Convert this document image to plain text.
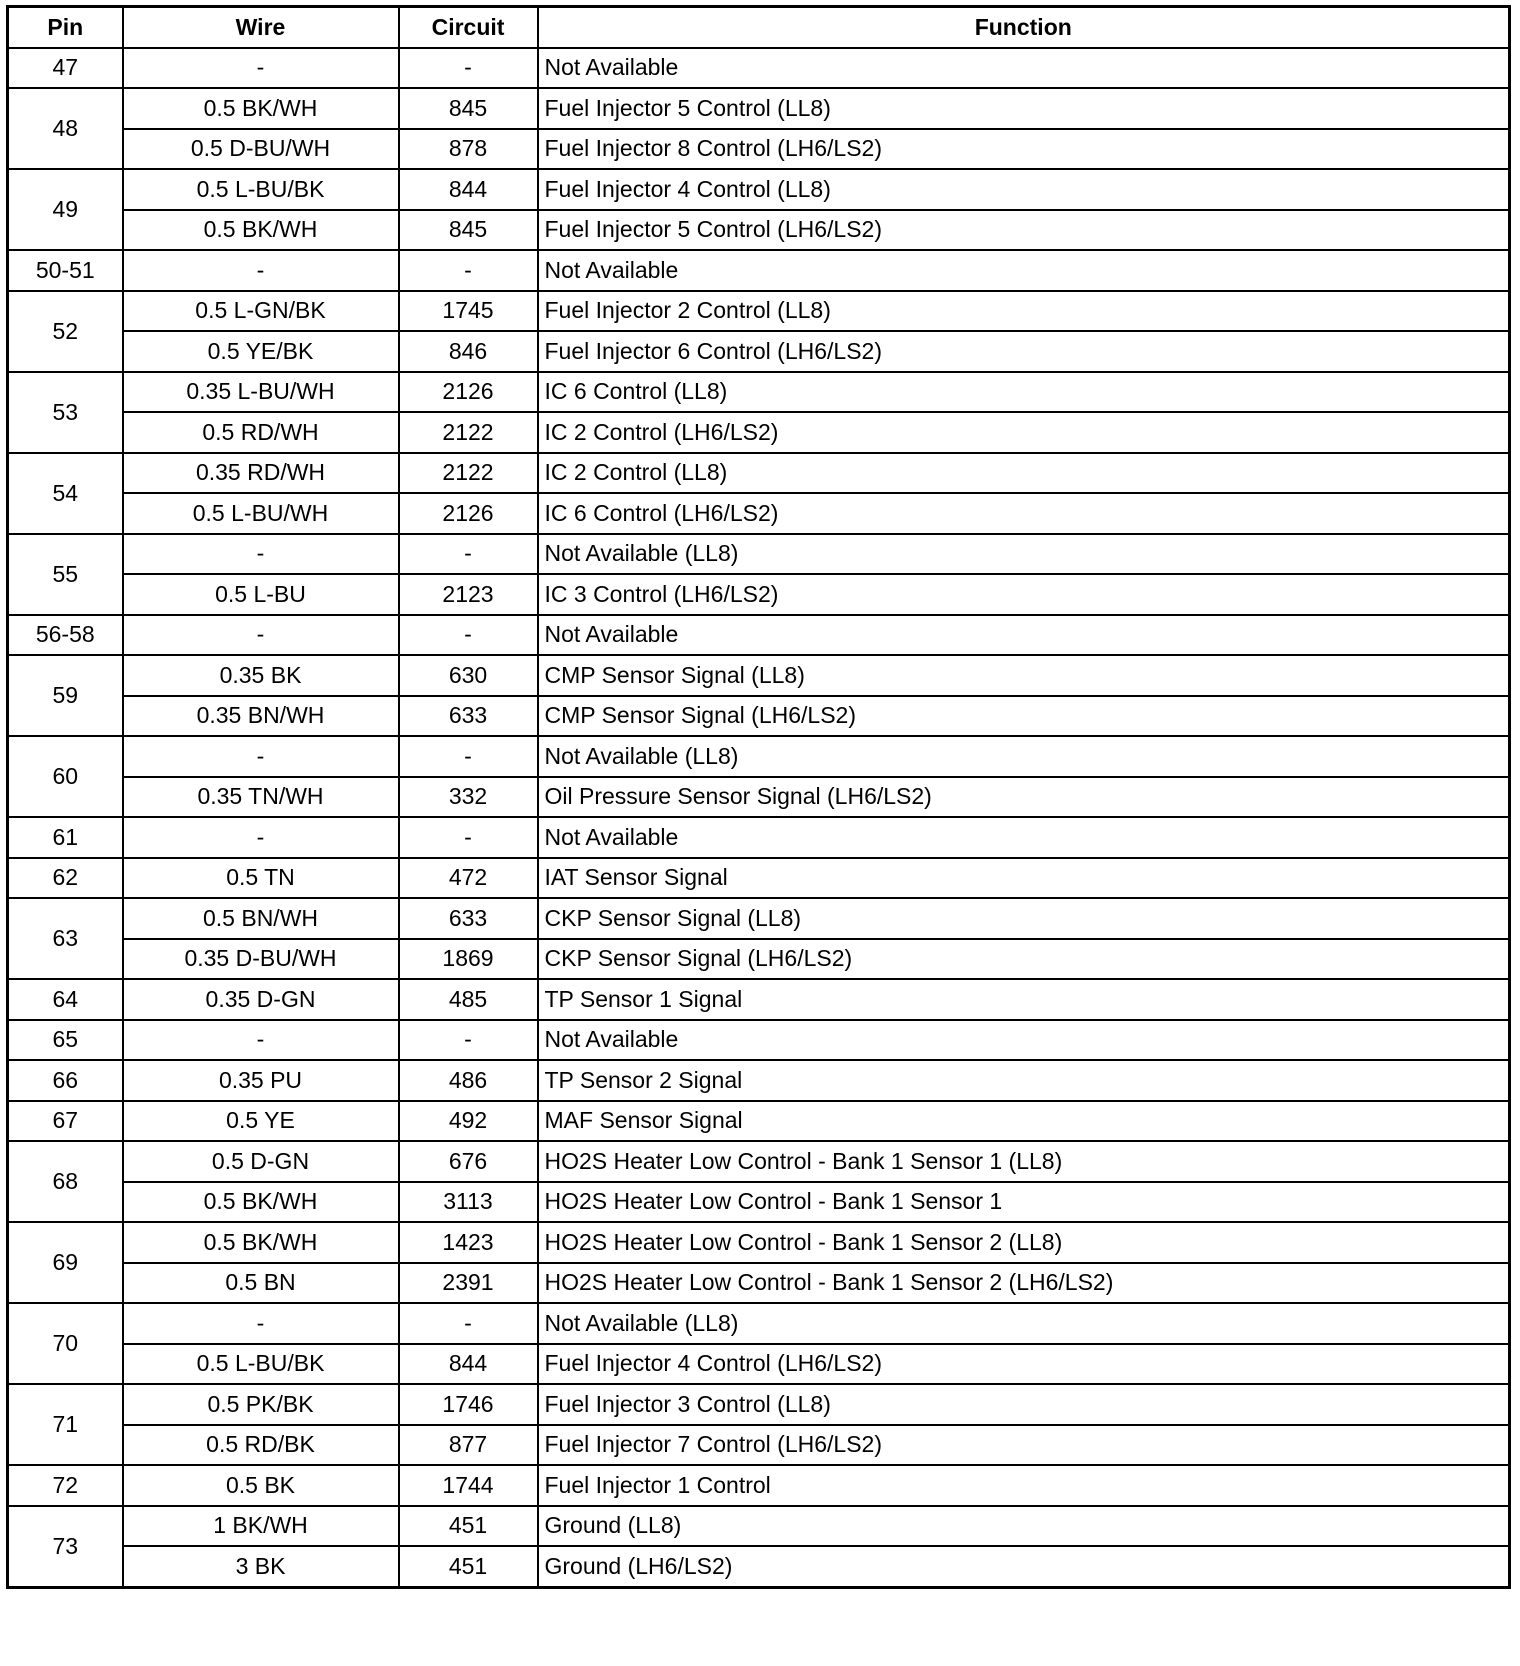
Pin	Wire	Circuit	Function
47	-	-	Not Available
48	0.5 BK/WH	845	Fuel Injector 5 Control (LL8)
	0.5 D-BU/WH	878	Fuel Injector 8 Control (LH6/LS2)
49	0.5 L-BU/BK	844	Fuel Injector 4 Control (LL8)
	0.5 BK/WH	845	Fuel Injector 5 Control (LH6/LS2)
50-51	-	-	Not Available
52	0.5 L-GN/BK	1745	Fuel Injector 2 Control (LL8)
	0.5 YE/BK	846	Fuel Injector 6 Control (LH6/LS2)
53	0.35 L-BU/WH	2126	IC 6 Control (LL8)
	0.5 RD/WH	2122	IC 2 Control (LH6/LS2)
54	0.35 RD/WH	2122	IC 2 Control (LL8)
	0.5 L-BU/WH	2126	IC 6 Control (LH6/LS2)
55	-	-	Not Available (LL8)
	0.5 L-BU	2123	IC 3 Control (LH6/LS2)
56-58	-	-	Not Available
59	0.35 BK	630	CMP Sensor Signal (LL8)
	0.35 BN/WH	633	CMP Sensor Signal (LH6/LS2)
60	-	-	Not Available (LL8)
	0.35 TN/WH	332	Oil Pressure Sensor Signal (LH6/LS2)
61	-	-	Not Available
62	0.5 TN	472	IAT Sensor Signal
63	0.5 BN/WH	633	CKP Sensor Signal (LL8)
	0.35 D-BU/WH	1869	CKP Sensor Signal (LH6/LS2)
64	0.35 D-GN	485	TP Sensor 1 Signal
65	-	-	Not Available
66	0.35 PU	486	TP Sensor 2 Signal
67	0.5 YE	492	MAF Sensor Signal
68	0.5 D-GN	676	HO2S Heater Low Control - Bank 1 Sensor 1 (LL8)
	0.5 BK/WH	3113	HO2S Heater Low Control - Bank 1 Sensor 1
69	0.5 BK/WH	1423	HO2S Heater Low Control - Bank 1 Sensor 2 (LL8)
	0.5 BN	2391	HO2S Heater Low Control - Bank 1 Sensor 2 (LH6/LS2)
70	-	-	Not Available (LL8)
	0.5 L-BU/BK	844	Fuel Injector 4 Control (LH6/LS2)
71	0.5 PK/BK	1746	Fuel Injector 3 Control (LL8)
	0.5 RD/BK	877	Fuel Injector 7 Control (LH6/LS2)
72	0.5 BK	1744	Fuel Injector 1 Control
73	1 BK/WH	451	Ground (LL8)
	3 BK	451	Ground (LH6/LS2)
